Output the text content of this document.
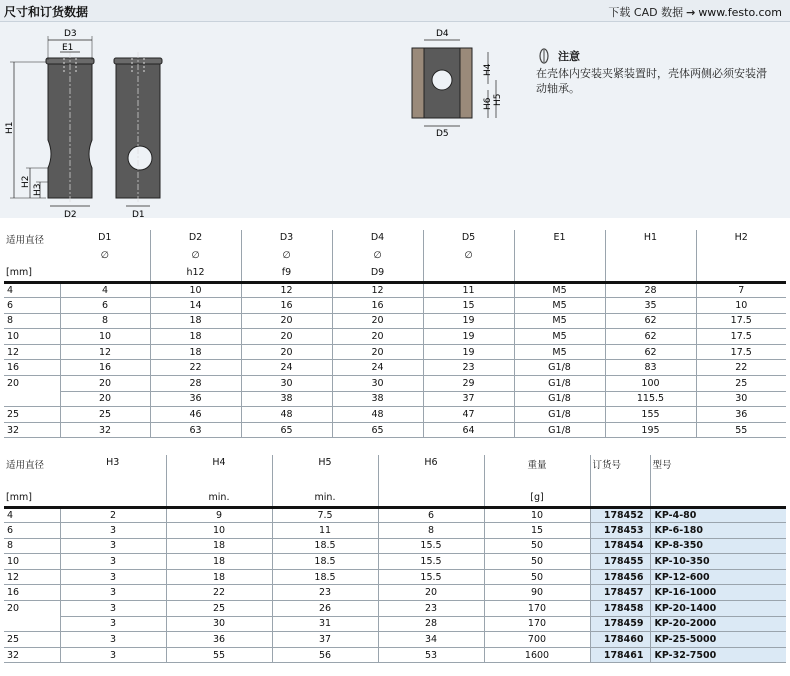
尺寸和订货数据	下载 CAD 数据 → www.festo.com
D3
E1
H1
H2
H3
D2	D1
D4
H4
H6 H5
D5
注意
在壳体内安装夹紧装置时，壳体两侧必须安装滑动轴承。
适用直径	D1	D2	D3	D4	D5	E1	H1	H2
	∅	∅	∅	∅	∅			
[mm]		h12	f9	D9				
4	4	10	12	12	11	M5	28	7
6	6	14	16	16	15	M5	35	10
8	8	18	20	20	19	M5	62	17.5
10	10	18	20	20	19	M5	62	17.5
12	12	18	20	20	19	M5	62	17.5
16	16	22	24	24	23	G1/8	83	22
20	20	28	30	30	29	G1/8	100	25
	20	36	38	38	37	G1/8	115.5	30
25	25	46	48	48	47	G1/8	155	36
32	32	63	65	65	64	G1/8	195	55
适用直径	H3	H4	H5	H6	重量	订货号	型号

[mm]		min.	min.		[g]		
4	2	9	7.5	6	10	178452	KP-4-80
6	3	10	11	8	15	178453	KP-6-180
8	3	18	18.5	15.5	50	178454	KP-8-350
10	3	18	18.5	15.5	50	178455	KP-10-350
12	3	18	18.5	15.5	50	178456	KP-12-600
16	3	22	23	20	90	178457	KP-16-1000
20	3	25	26	23	170	178458	KP-20-1400
	3	30	31	28	170	178459	KP-20-2000
25	3	36	37	34	700	178460	KP-25-5000
32	3	55	56	53	1600	178461	KP-32-7500
